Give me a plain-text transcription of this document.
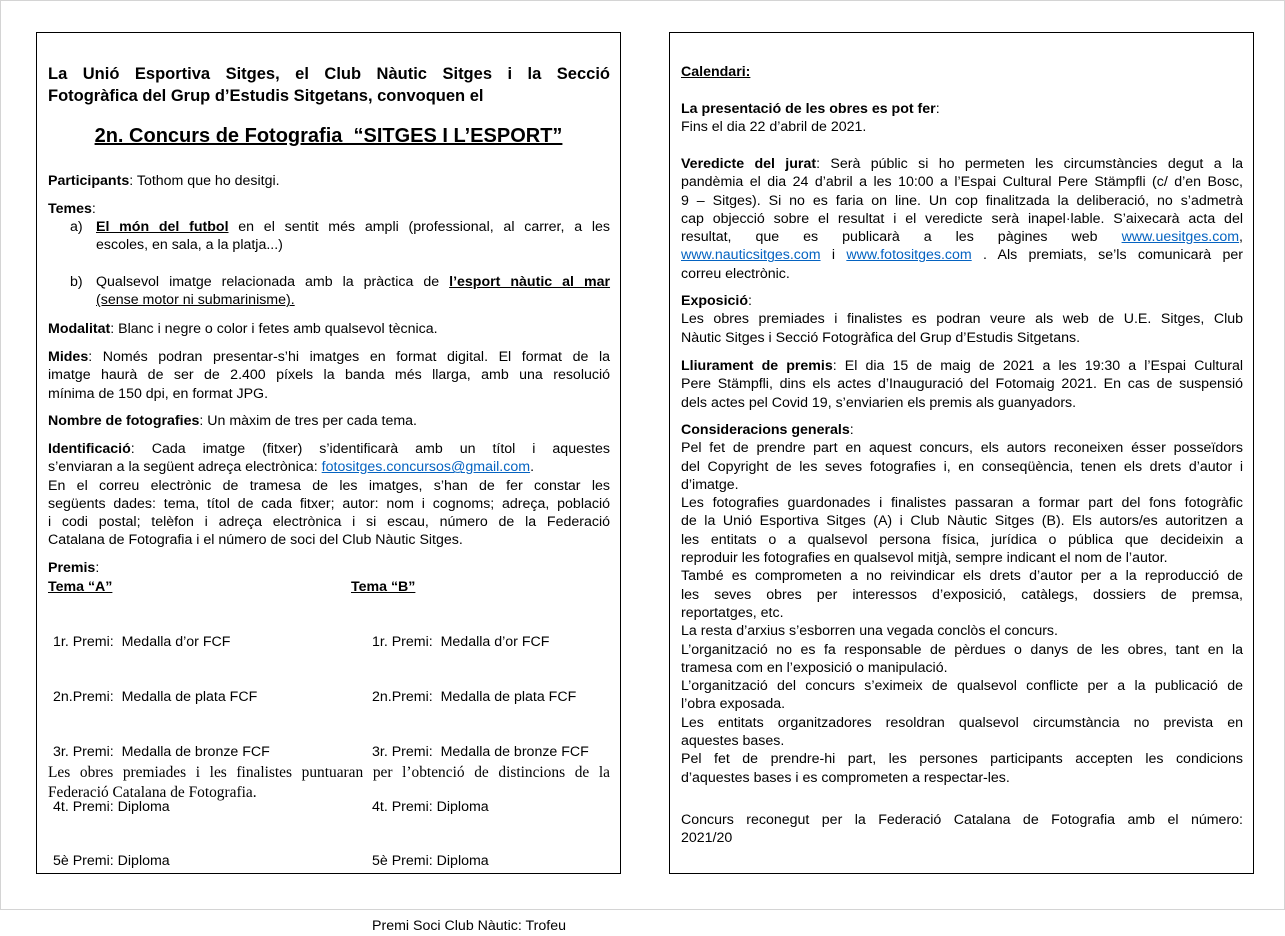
La Unió Esportiva Sitges, el Club Nàutic Sitges i la Secció

Fotogràfica del Grup d’Estudis Sitgetans, convoquen el

2n. Concurs de Fotografia  “SITGES I L’ESPORT”

Participants: Tothom que ho desitgi.

Temes:

a) El món del futbol en el sentit més ampli (professional, al carrer, a les
escoles, en sala, a la platja...)
b) Qualsevol imatge relacionada amb la pràctica de l’esport nàutic al mar
(sense motor ni submarinisme).

Modalitat: Blanc i negre o color i fetes amb qualsevol tècnica.

Mides: Només podran presentar-s’hi imatges en format digital. El format de la
imatge haurà de ser de 2.400 píxels la banda més llarga, amb una resolució
mínima de 150 dpi, en format JPG.

Nombre de fotografies: Un màxim de tres per cada tema.

Identificació: Cada imatge (fitxer) s’identificarà amb un títol i aquestes
s’enviaran a la següent adreça electrònica: fotositges.concursos@gmail.com.
En el correu electrònic de tramesa de les imatges, s’han de fer constar les
següents dades: tema, títol de cada fitxer; autor: nom i cognoms; adreça, població
i codi postal; telèfon i adreça electrònica i si escau, número de la Federació
Catalana de Fotografia i el número de soci del Club Nàutic Sitges.

Premis:

Tema “A”

1r. Premi:  Medalla d’or FCF

2n.Premi:  Medalla de plata FCF

3r. Premi:  Medalla de bronze FCF

4t. Premi: Diploma

5è Premi: Diploma

Tema “B”

1r. Premi:  Medalla d’or FCF

2n.Premi:  Medalla de plata FCF

3r. Premi:  Medalla de bronze FCF

4t. Premi: Diploma

5è Premi: Diploma

Premi Soci Club Nàutic: Trofeu
Les obres premiades i les finalistes puntuaran per l’obtenció de distincions de la
Federació Catalana de Fotografia.

Calendari:

La presentació de les obres es pot fer:
Fins el dia 22 d’abril de 2021.
Veredicte del jurat: Serà públic si ho permeten les circumstàncies degut a la
pandèmia el dia 24 d’abril a les 10:00 a l’Espai Cultural Pere Stämpfli (c/ d’en Bosc,
9 – Sitges). Si no es faria on line. Un cop finalitzada la deliberació, no s’admetrà
cap objecció sobre el resultat i el veredicte serà inapel·lable. S’aixecarà acta del
resultat,      que      es      publicarà      a      les      pàgines      web      www.uesitges.com,
www.nauticsitges.com i www.fotositges.com . Als premiats, se’ls comunicarà per
correu electrònic.
Exposició:
Les obres premiades i finalistes es podran veure als web de U.E. Sitges, Club
Nàutic Sitges i Secció Fotogràfica del Grup d’Estudis Sitgetans.
Lliurament de premis: El dia 15 de maig de 2021 a les 19:30 a l’Espai Cultural
Pere Stämpfli, dins els actes d’Inauguració del Fotomaig 2021. En cas de suspensió
dels actes pel Covid 19, s’enviarien els premis als guanyadors.
Consideracions generals:
Pel fet de prendre part en aquest concurs, els autors reconeixen ésser posseïdors
del Copyright de les seves fotografies i, en conseqüència, tenen els drets d’autor i
d’imatge.
Les fotografies guardonades i finalistes passaran a formar part del fons fotogràfic
de la Unió Esportiva Sitges (A) i Club Nàutic Sitges (B). Els autors/es autoritzen a
les entitats o a qualsevol persona física, jurídica o pública que decideixin a
reproduir les fotografies en qualsevol mitjà, sempre indicant el nom de l’autor.
També es comprometen a no reivindicar els drets d’autor per a la reproducció de
les seves obres per interessos d’exposició, catàlegs, dossiers de premsa,
reportatges, etc.
La resta d’arxius s’esborren una vegada conclòs el concurs.
L’organització no es fa responsable de pèrdues o danys de les obres, tant en la
tramesa com en l’exposició o manipulació.
L’organització del concurs s’eximeix de qualsevol conflicte per a la publicació de
l’obra exposada.
Les entitats organitzadores resoldran qualsevol circumstància no prevista en
aquestes bases.
Pel fet de prendre-hi part, les persones participants accepten les condicions
d’aquestes bases i es comprometen a respectar-les.
Concurs reconegut per la Federació Catalana de Fotografia amb el número:
2021/20
